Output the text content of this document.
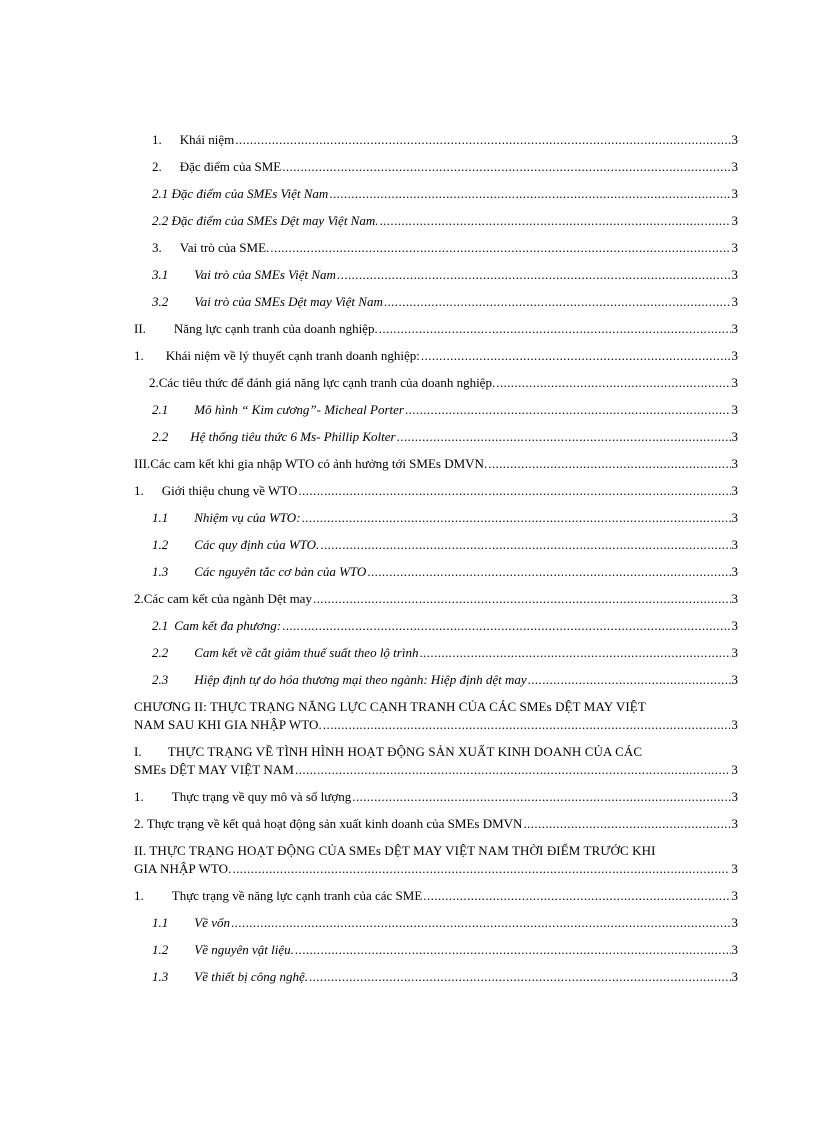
1. Khái niệm .....	3
2. Đặc điểm của SME .....	3
2.1 Đặc điểm của SMEs Việt Nam .....	3
2.2 Đặc điểm của SMEs Dệt may Việt Nam. .....	3
3. Vai trò của SME. .....	3
3.1 Vai trò của SMEs Việt Nam .....	3
3.2 Vai trò của SMEs Dệt may Việt Nam .....	3
II. Năng lực cạnh tranh của doanh nghiệp. .....	3
1. Khái niệm về lý thuyết cạnh tranh doanh nghiệp: .....	3
2.Các tiêu thức để đánh giá năng lực cạnh tranh của doanh nghiệp. .....	3
2.1 Mô hình “ Kim cương”- Micheal Porter .....	3
2.2 Hệ thống tiêu thức 6 Ms- Phillip Kolter .....	3
III.Các cam kết khi gia nhập WTO có ảnh hưởng tới SMEs DMVN. .....	3
1. Giới thiệu chung về WTO .....	3
1.1 Nhiệm vụ của WTO: .....	3
1.2 Các quy định của WTO. .....	3
1.3 Các nguyên tắc cơ bản của WTO .....	3
2.Các cam kết của ngành Dệt may .....	3
2.1 Cam kết đa phương: .....	3
2.2 Cam kết về cắt giảm thuế suất theo lộ trình .....	3
2.3 Hiệp định tự do hóa thương mại theo ngành: Hiệp định dệt may .....	3
CHƯƠNG II: THỰC TRẠNG NĂNG LỰC CẠNH TRANH CỦA CÁC SMEs DỆT MAY VIỆT
NAM SAU KHI GIA NHẬP WTO. .....	3
I. THỰC TRẠNG VỀ TÌNH HÌNH HOẠT ĐỘNG SẢN XUẤT KINH DOANH CỦA CÁC
SMEs DỆT MAY VIỆT NAM .....	3
1. Thực trạng về quy mô và số lượng .....	3
2. Thực trạng về kết quả hoạt động sản xuất kinh doanh của SMEs DMVN .....	3
II. THỰC TRẠNG HOẠT ĐỘNG CỦA SMEs DỆT MAY VIỆT NAM THỜI ĐIỂM TRƯỚC KHI
GIA NHẬP WTO. .....	3
1. Thực trạng về năng lực cạnh tranh của các SME .....	3
1.1 Về vốn .....	3
1.2 Về nguyên vật liệu. .....	3
1.3 Về thiết bị công nghệ. .....	3
